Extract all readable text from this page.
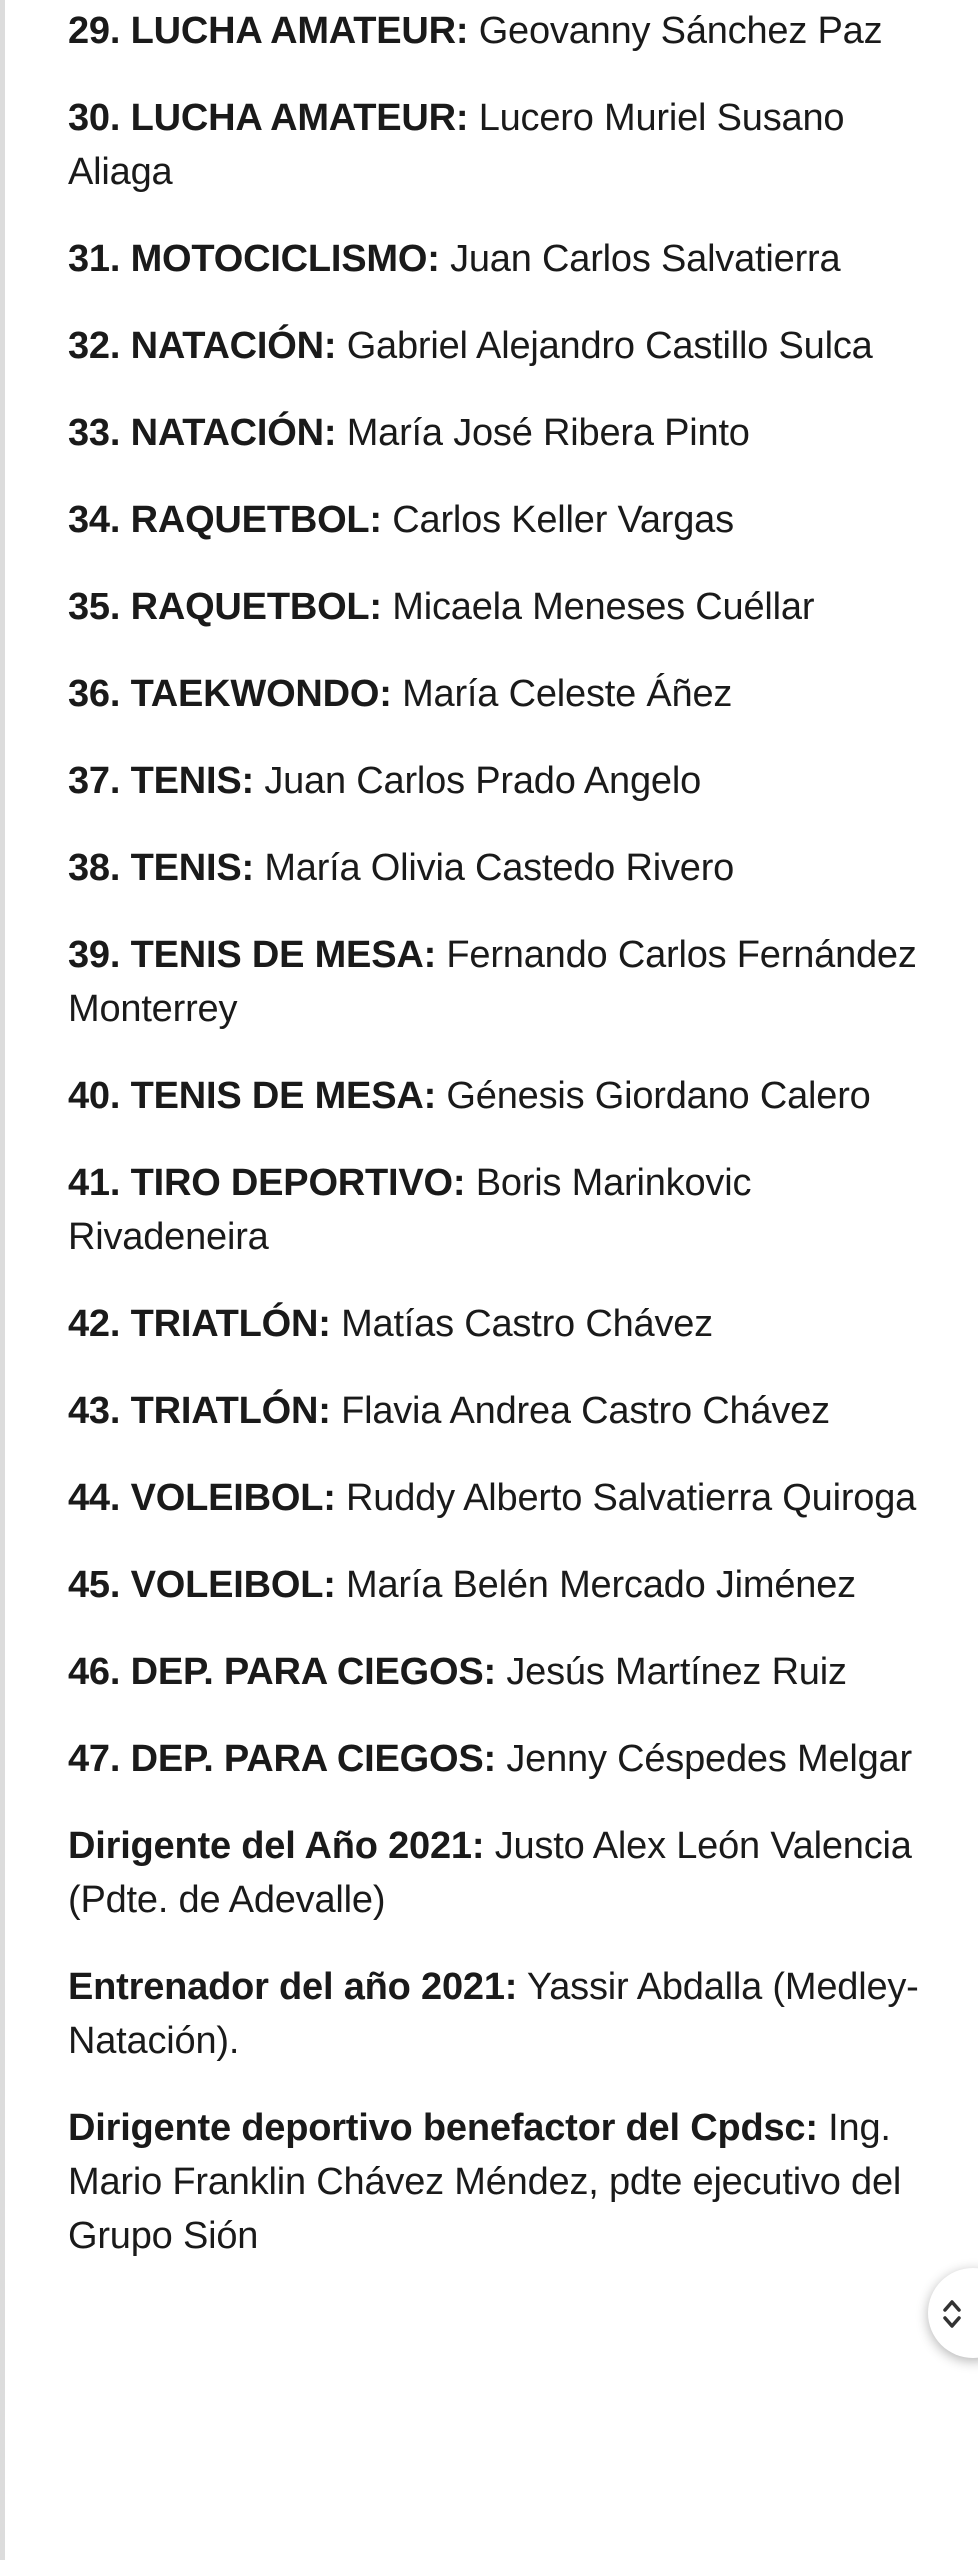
29. LUCHA AMATEUR: Geovanny Sánchez Paz
30. LUCHA AMATEUR: Lucero Muriel Susano Aliaga
31. MOTOCICLISMO: Juan Carlos Salvatierra
32. NATACIÓN: Gabriel Alejandro Castillo Sulca
33. NATACIÓN: María José Ribera Pinto
34. RAQUETBOL: Carlos Keller Vargas
35. RAQUETBOL: Micaela Meneses Cuéllar
36. TAEKWONDO: María Celeste Áñez
37. TENIS: Juan Carlos Prado Angelo
38. TENIS: María Olivia Castedo Rivero
39. TENIS DE MESA: Fernando Carlos Fernández Monterrey
40. TENIS DE MESA: Génesis Giordano Calero
41. TIRO DEPORTIVO: Boris Marinkovic Rivadeneira
42. TRIATLÓN: Matías Castro Chávez
43. TRIATLÓN: Flavia Andrea Castro Chávez
44. VOLEIBOL: Ruddy Alberto Salvatierra Quiroga
45. VOLEIBOL: María Belén Mercado Jiménez
46. DEP. PARA CIEGOS: Jesús Martínez Ruiz
47. DEP. PARA CIEGOS: Jenny Céspedes Melgar
Dirigente del Año 2021: Justo Alex León Valencia (Pdte. de Adevalle)
Entrenador del año 2021: Yassir Abdalla (Medley-Natación).
Dirigente deportivo benefactor del Cpdsc: Ing. Mario Franklin Chávez Méndez, pdte ejecutivo del Grupo Sión
